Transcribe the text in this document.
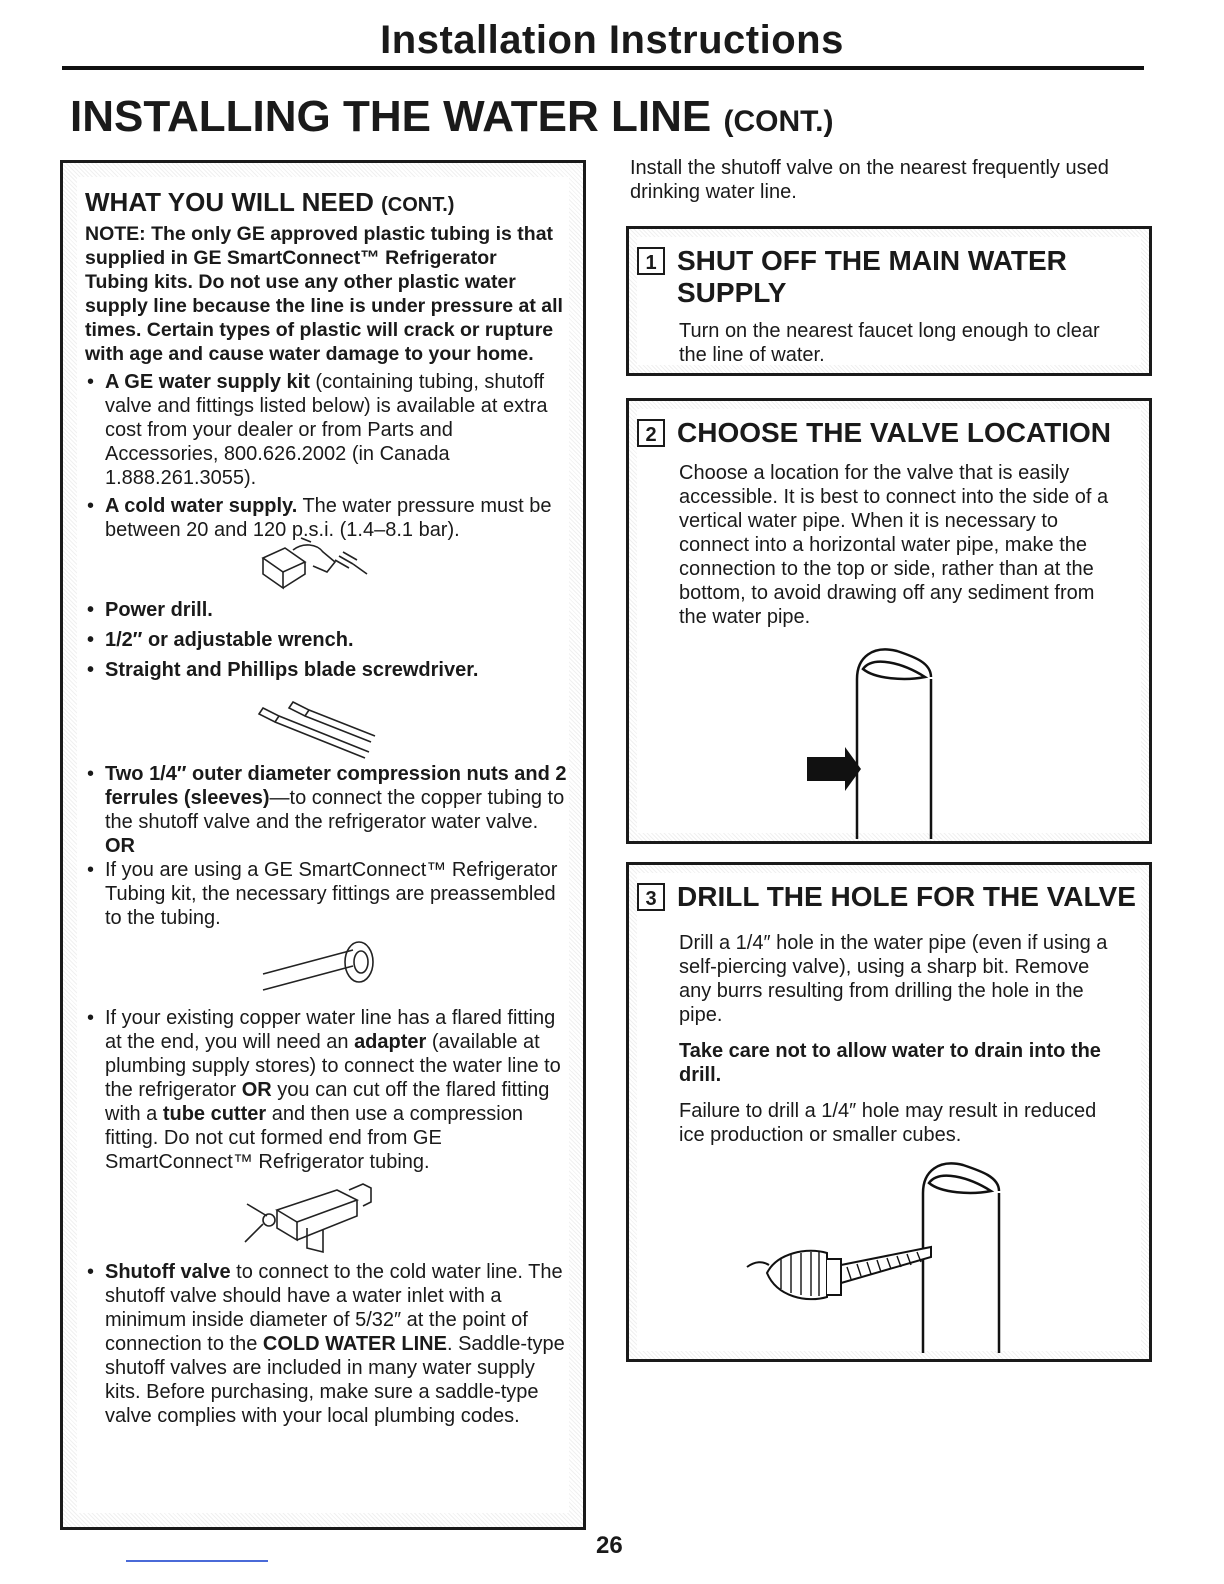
Installation Instructions
INSTALLING THE WATER LINE (CONT.)
WHAT YOU WILL NEED (CONT.)
NOTE: The only GE approved plastic tubing is that supplied in GE SmartConnect™ Refrigerator Tubing kits. Do not use any other plastic water supply line because the line is under pressure at all times. Certain types of plastic will crack or rupture with age and cause water damage to your home.
• A GE water supply kit (containing tubing, shutoff valve and fittings listed below) is available at extra cost from your dealer or from Parts and Accessories, 800.626.2002 (in Canada 1.888.261.3055).
• A cold water supply. The water pressure must be between 20 and 120 p.s.i. (1.4–8.1 bar).
• Power drill.
• 1/2″ or adjustable wrench.
• Straight and Phillips blade screwdriver.
• Two 1/4″ outer diameter compression nuts and 2 ferrules (sleeves)—to connect the copper tubing to the shutoff valve and the refrigerator water valve.
OR
• If you are using a GE SmartConnect™ Refrigerator Tubing kit, the necessary fittings are preassembled to the tubing.
• If your existing copper water line has a flared fitting at the end, you will need an adapter (available at plumbing supply stores) to connect the water line to the refrigerator OR you can cut off the flared fitting with a tube cutter and then use a compression fitting. Do not cut formed end from GE SmartConnect™ Refrigerator tubing.
• Shutoff valve to connect to the cold water line. The shutoff valve should have a water inlet with a minimum inside diameter of 5/32″ at the point of connection to the COLD WATER LINE. Saddle-type shutoff valves are included in many water supply kits. Before purchasing, make sure a saddle-type valve complies with your local plumbing codes.
26
Install the shutoff valve on the nearest frequently used drinking water line.
1 SHUT OFF THE MAIN WATER SUPPLY
Turn on the nearest faucet long enough to clear the line of water.
2 CHOOSE THE VALVE LOCATION
Choose a location for the valve that is easily accessible. It is best to connect into the side of a vertical water pipe. When it is necessary to connect into a horizontal water pipe, make the connection to the top or side, rather than at the bottom, to avoid drawing off any sediment from the water pipe.
3 DRILL THE HOLE FOR THE VALVE
Drill a 1/4″ hole in the water pipe (even if using a self-piercing valve), using a sharp bit. Remove any burrs resulting from drilling the hole in the pipe.
Take care not to allow water to drain into the drill.
Failure to drill a 1/4″ hole may result in reduced ice production or smaller cubes.
